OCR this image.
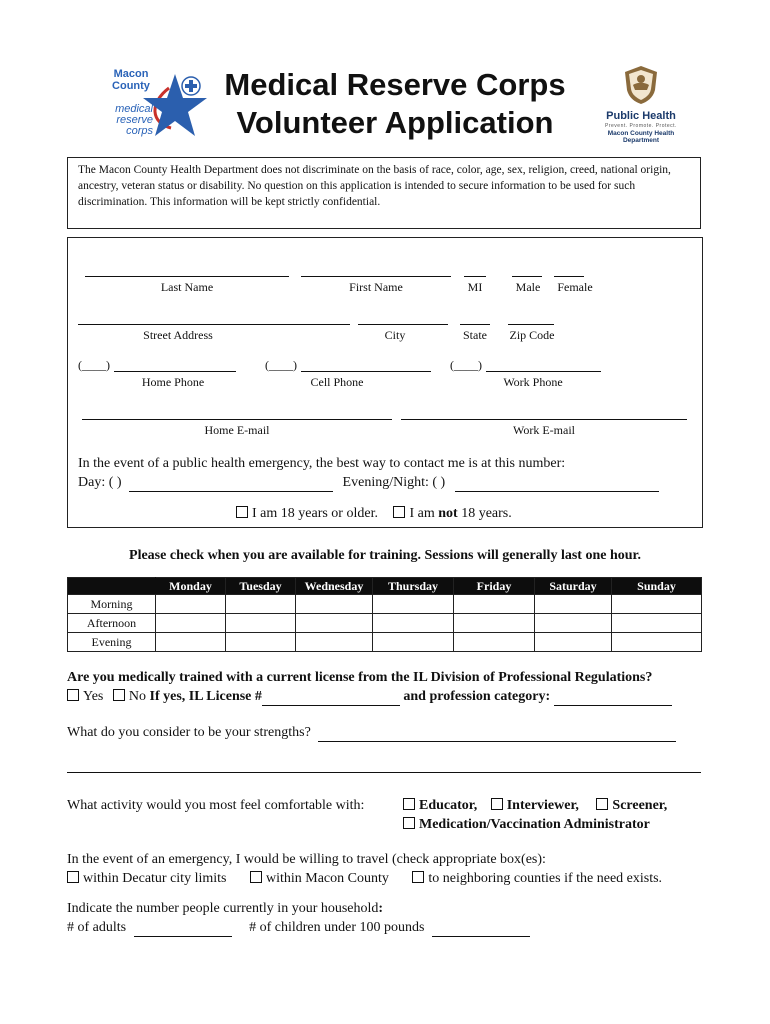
Macon County
medical reserve corps
Medical Reserve Corps
Volunteer Application	Public Health
Prevent. Promote. Protect.
Macon County Health Department
The Macon County Health Department does not discriminate on the basis of race, color, age, sex, religion, creed, national origin, ancestry, veteran status or disability. No question on this application is intended to secure information to be used for such discrimination. This information will be kept strictly confidential.
Last Name	First Name	MI	Male	Female
Street Address	City	State	Zip Code
(____)	(____)	(____)
Home Phone	Cell Phone	Work Phone
Home E-mail	Work E-mail
In the event of a public health emergency, the best way to contact me is at this number:
Day: ( )	Evening/Night: ( )
I am 18 years or older. I am not 18 years.
Please check when you are available for training. Sessions will generally last one hour.
	Monday	Tuesday	Wednesday	Thursday	Friday	Saturday	Sunday
Morning							
Afternoon							
Evening							
Are you medically trained with a current license from the IL Division of Professional Regulations?
Yes No If yes, IL License #	and profession category:
What do you consider to be your strengths?
What activity would you most feel comfortable with:	Educator, Interviewer, Screener,
Medication/Vaccination Administrator
In the event of an emergency, I would be willing to travel (check appropriate box(es):
within Decatur city limits	within Macon County	to neighboring counties if the need exists.
Indicate the number people currently in your household:
# of adults	# of children under 100 pounds
